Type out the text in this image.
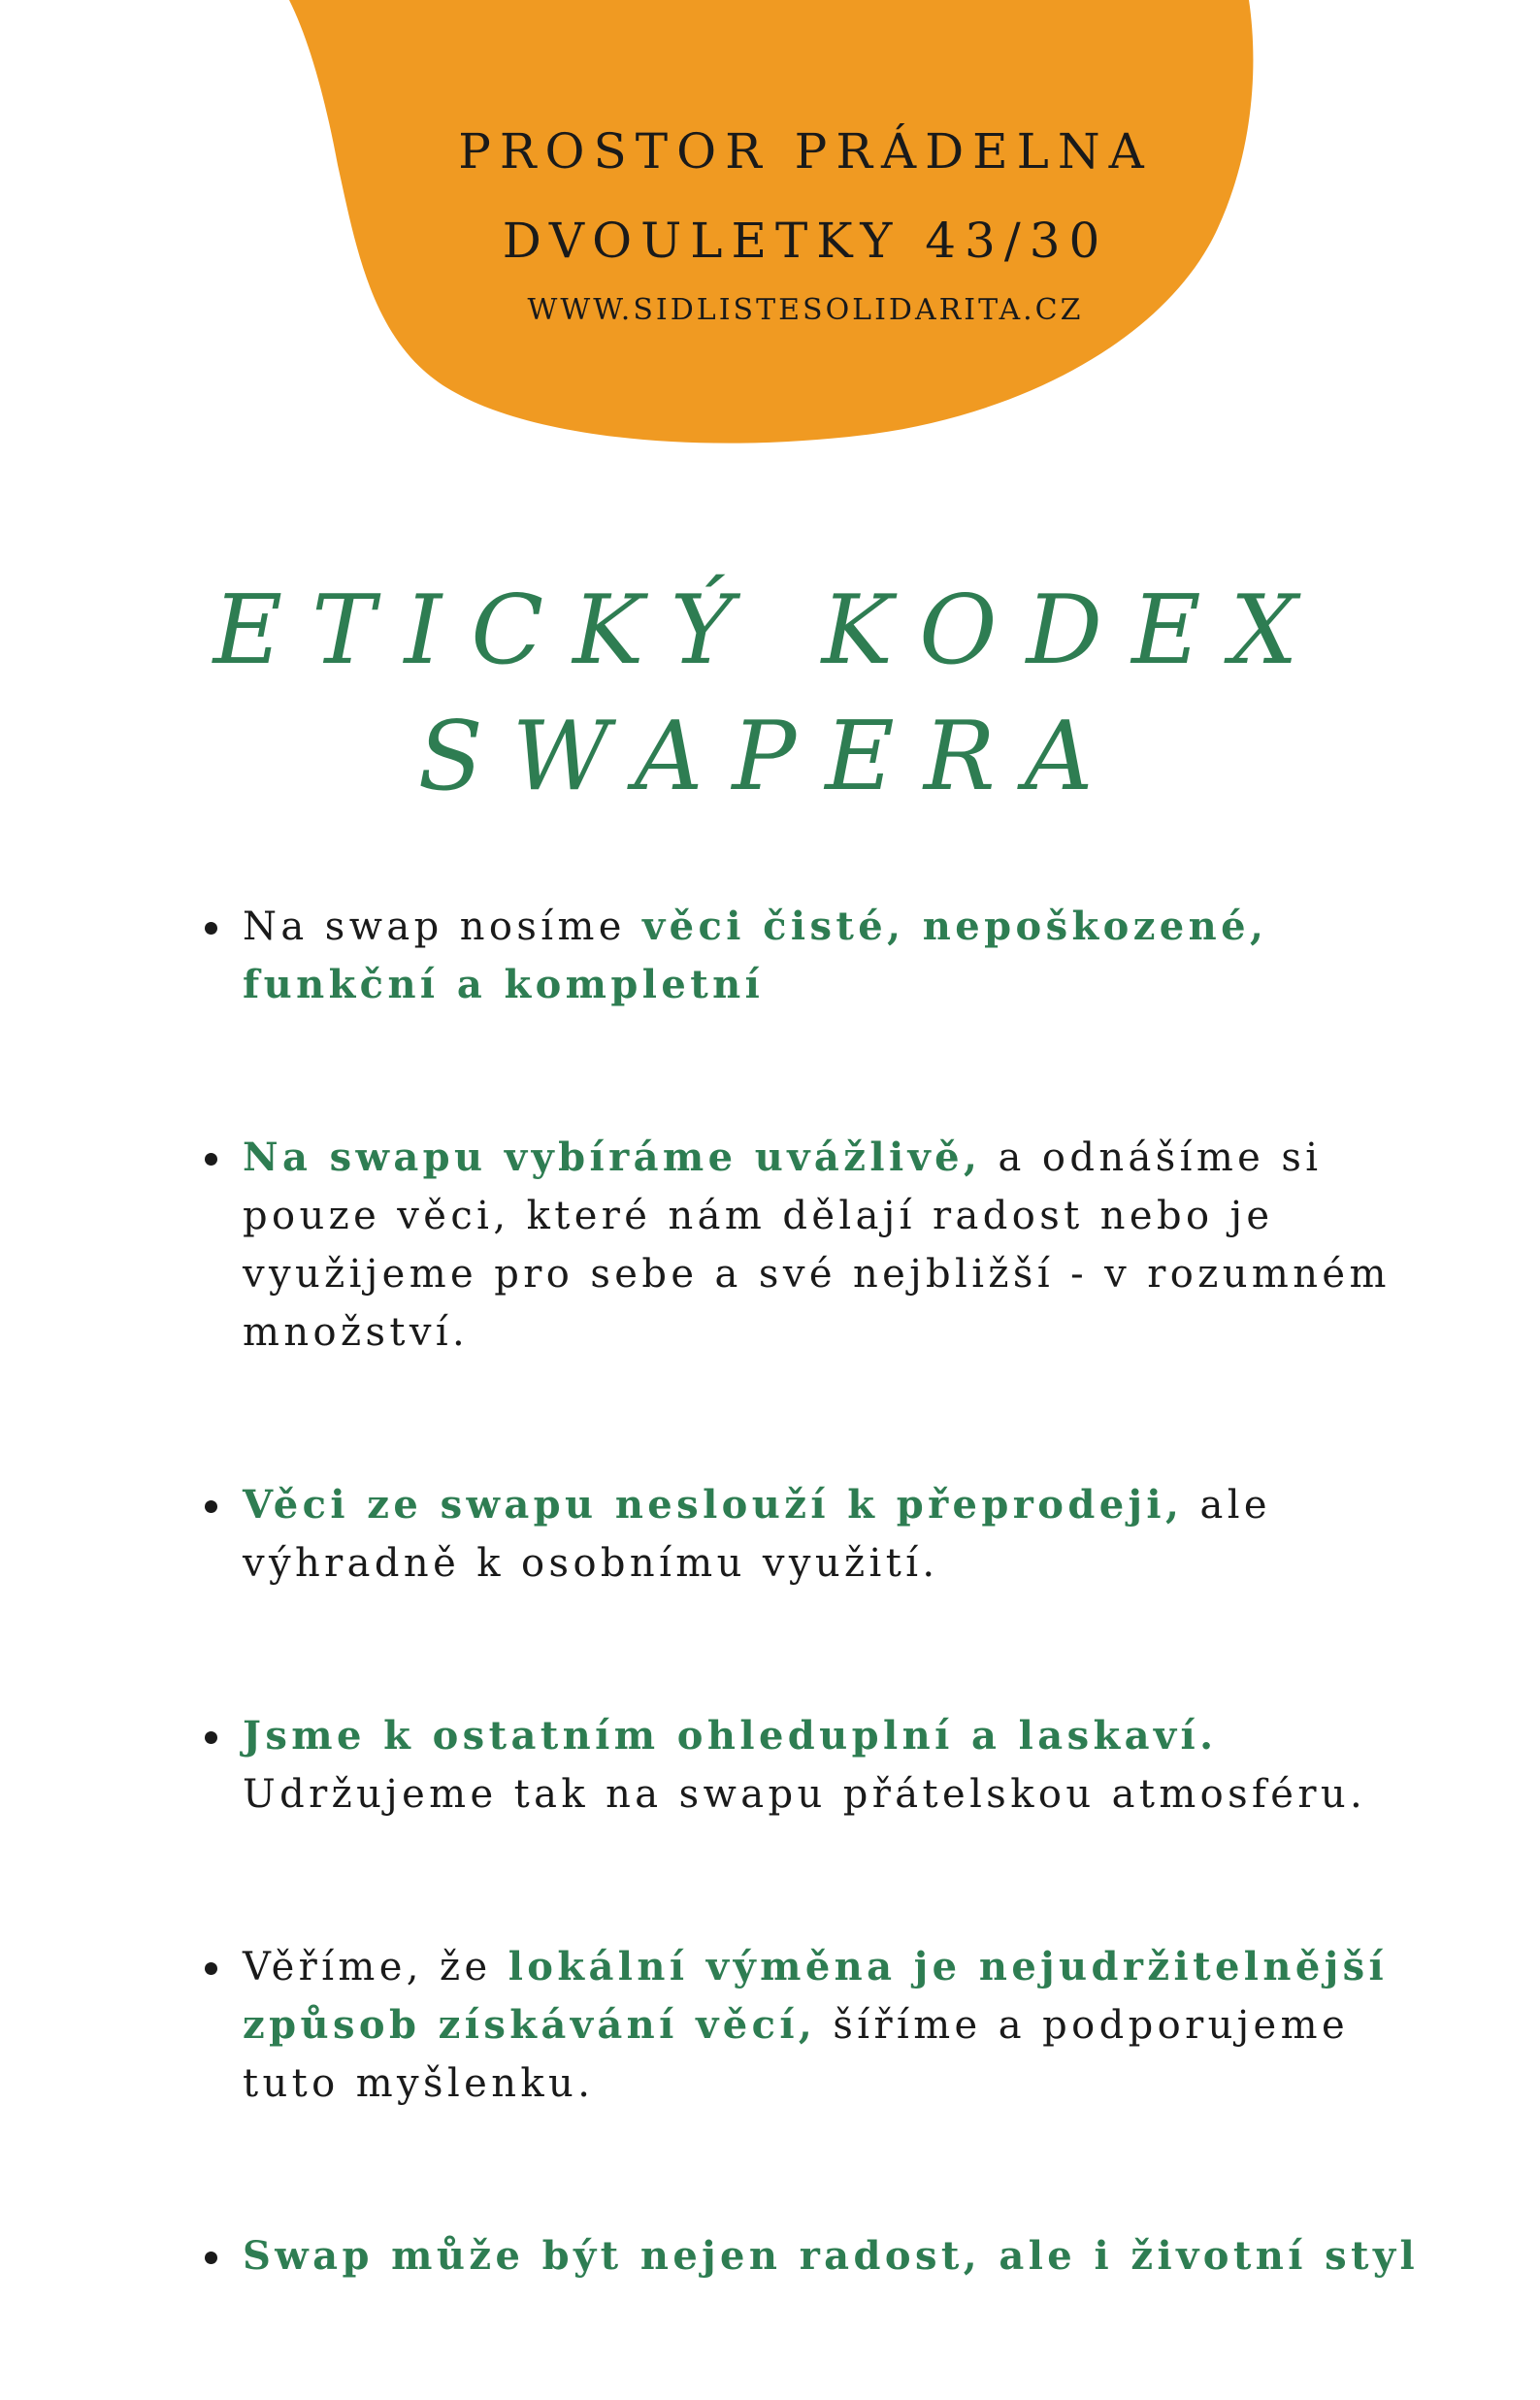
PROSTOR PRÁDELNA
DVOULETKY 43/30
WWW.SIDLISTESOLIDARITA.CZ
ETICKÝ KODEX
SWAPERA
Na swap nosíme věci čisté, nepoškozené, funkční a kompletní
Na swapu vybíráme uvážlivě, a odnášíme si pouze věci, které nám dělají radost nebo je využijeme pro sebe a své nejbližší - v rozumném množství.
Věci ze swapu neslouží k přeprodeji, ale výhradně k osobnímu využití.
Jsme k ostatním ohleduplní a laskaví. Udržujeme tak na swapu přátelskou atmosféru.
Věříme, že lokální výměna je nejudržitelnější způsob získávání věcí, šíříme a podporujeme tuto myšlenku.
Swap může být nejen radost, ale i životní styl
